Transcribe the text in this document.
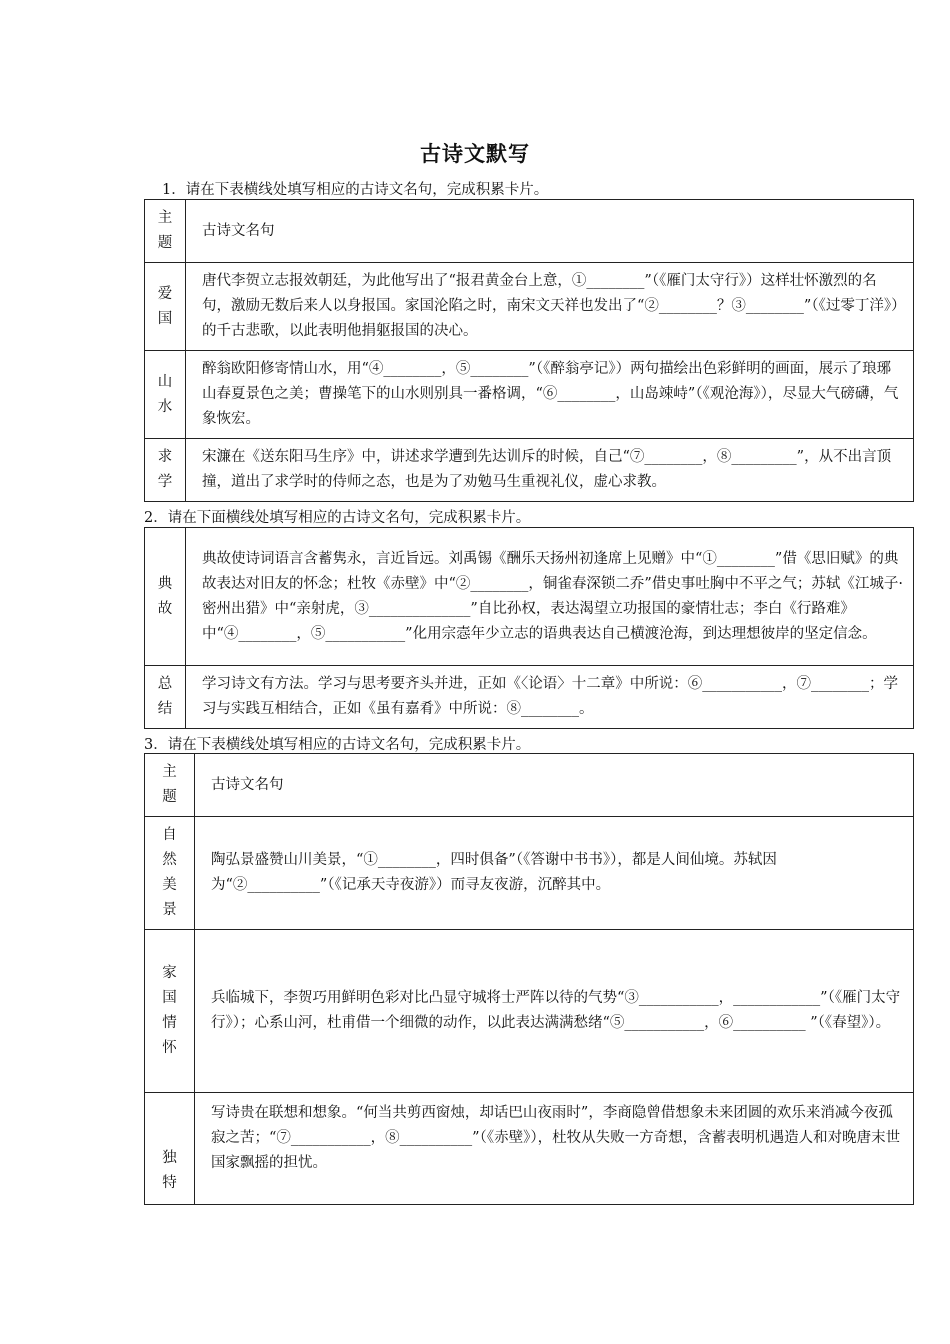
古诗文默写
1．请在下表横线处填写相应的古诗文名句，完成积累卡片。
主
题	古诗文名句
爱
国	唐代李贺立志报效朝廷，为此他写出了“报君黄金台上意，①________”（《雁门太守行》）这样壮怀激烈的名句，激励无数后来人以身报国。家国沦陷之时，南宋文天祥也发出了“②________？③________”（《过零丁洋》）的千古悲歌，以此表明他捐躯报国的决心。
山
水	醉翁欧阳修寄情山水，用“④________，⑤________”（《醉翁亭记》）两句描绘出色彩鲜明的画面，展示了琅琊山春夏景色之美；曹操笔下的山水则别具一番格调，“⑥________，山岛竦峙”（《观沧海》），尽显大气磅礴，气象恢宏。
求
学	宋濂在《送东阳马生序》中，讲述求学遭到先达训斥的时候，自己“⑦________，⑧_________”，从不出言顶撞，道出了求学时的侍师之态，也是为了劝勉马生重视礼仪，虚心求教。
2．请在下面横线处填写相应的古诗文名句，完成积累卡片。
典
故	典故使诗词语言含蓄隽永，言近旨远。刘禹锡《酬乐天扬州初逢席上见赠》中“①________”借《思旧赋》的典故表达对旧友的怀念；杜牧《赤壁》中“②________，铜雀春深锁二乔”借史事吐胸中不平之气；苏轼《江城子·密州出猎》中“亲射虎，③______________”自比孙权，表达渴望立功报国的豪情壮志；李白《行路难》中“④________，⑤___________”化用宗悫年少立志的语典表达自己横渡沧海，到达理想彼岸的坚定信念。
总
结	学习诗文有方法。学习与思考要齐头并进，正如《〈论语〉十二章》中所说：⑥___________，⑦________；学习与实践互相结合，正如《虽有嘉肴》中所说：⑧________。
3．请在下表横线处填写相应的古诗文名句，完成积累卡片。
主
题	古诗文名句
自
然
美
景	陶弘景盛赞山川美景，“①________，四时俱备”（《答谢中书书》），都是人间仙境。苏轼因为“②__________”（《记承天寺夜游》）而寻友夜游，沉醉其中。
家
国
情
怀	兵临城下，李贺巧用鲜明色彩对比凸显守城将士严阵以待的气势“③___________，____________”（《雁门太守行》）；心系山河，杜甫借一个细微的动作，以此表达满满愁绪“⑤___________，⑥__________ ”（《春望》）。
独
特	写诗贵在联想和想象。“何当共剪西窗烛，却话巴山夜雨时”，李商隐曾借想象未来团圆的欢乐来消减今夜孤寂之苦；“⑦___________，⑧__________”（《赤壁》），杜牧从失败一方奇想，含蓄表明机遇造人和对晚唐末世国家飘摇的担忧。
